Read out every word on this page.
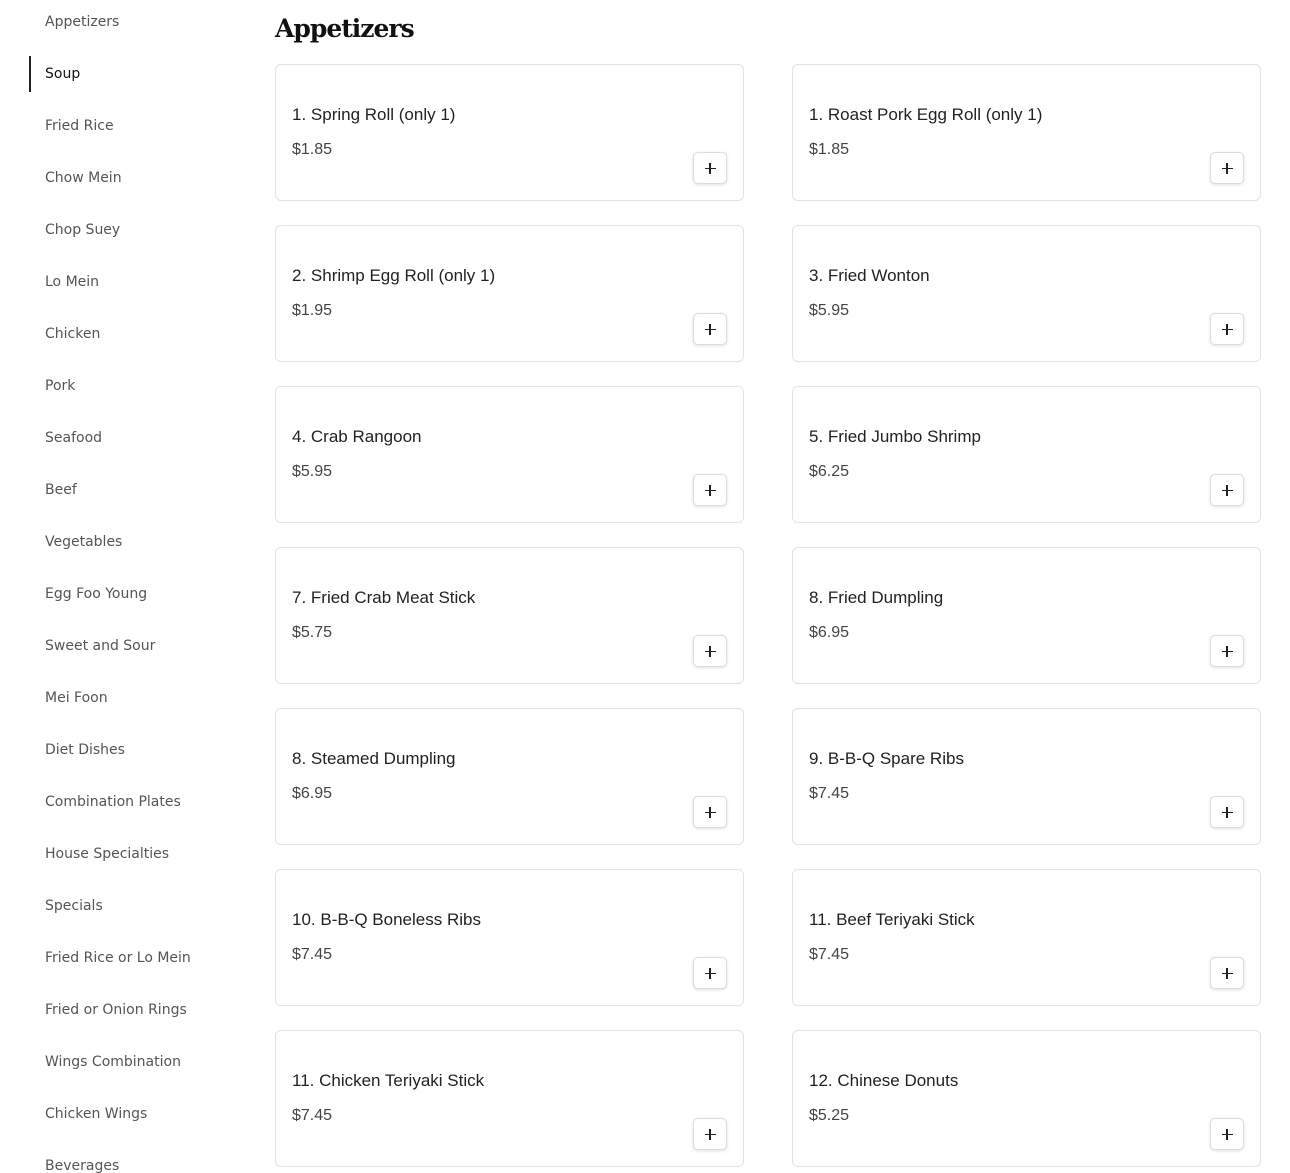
Appetizers
Soup
Fried Rice
Chow Mein
Chop Suey
Lo Mein
Chicken
Pork
Seafood
Beef
Vegetables
Egg Foo Young
Sweet and Sour
Mei Foon
Diet Dishes
Combination Plates
House Specialties
Specials
Fried Rice or Lo Mein
Fried or Onion Rings
Wings Combination
Chicken Wings
Beverages
Appetizers
1. Spring Roll (only 1)
$1.85
1. Roast Pork Egg Roll (only 1)
$1.85
2. Shrimp Egg Roll (only 1)
$1.95
3. Fried Wonton
$5.95
4. Crab Rangoon
$5.95
5. Fried Jumbo Shrimp
$6.25
7. Fried Crab Meat Stick
$5.75
8. Fried Dumpling
$6.95
8. Steamed Dumpling
$6.95
9. B-B-Q Spare Ribs
$7.45
10. B-B-Q Boneless Ribs
$7.45
11. Beef Teriyaki Stick
$7.45
11. Chicken Teriyaki Stick
$7.45
12. Chinese Donuts
$5.25
